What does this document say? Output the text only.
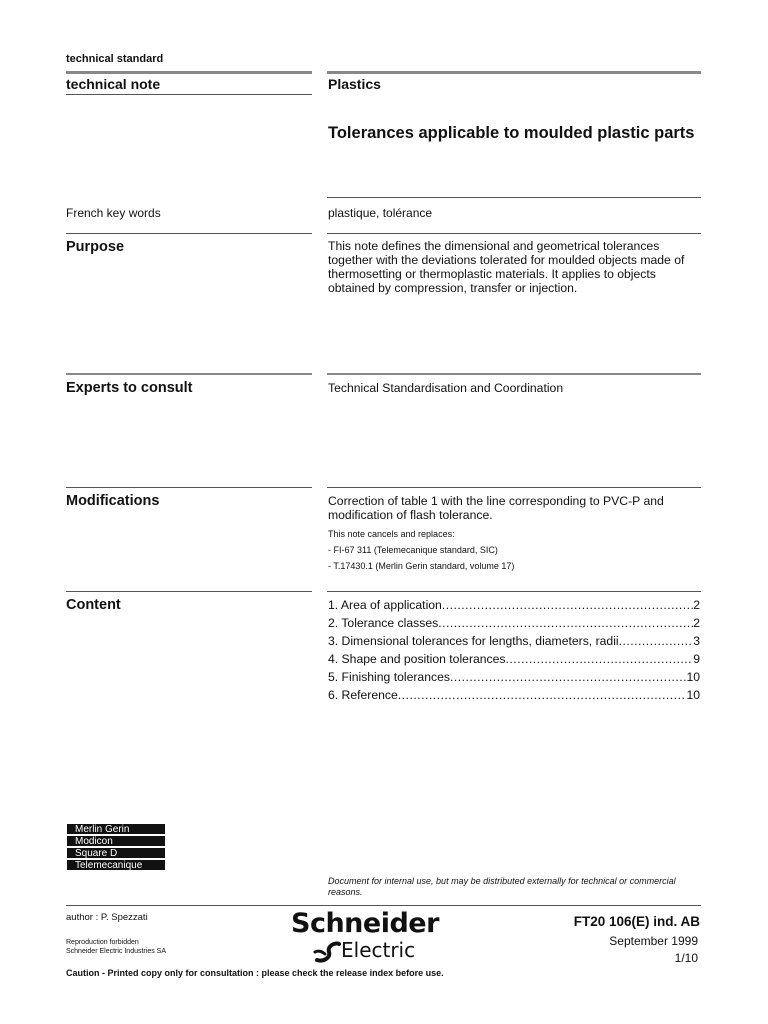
technical standard
technical note	Plastics
Tolerances applicable to moulded plastic parts
French key words	plastique, tolérance
Purpose	This note defines the dimensional and geometrical tolerances together with the deviations tolerated for moulded objects made of thermosetting or thermoplastic materials. It applies to objects obtained by compression, transfer or injection.
Experts to consult	Technical Standardisation and Coordination
Modifications	Correction of table 1 with the line corresponding to PVC-P and modification of flash tolerance.
This note cancels and replaces:
- FI-67 311 (Telemecanique standard, SIC)
- T.17430.1 (Merlin Gerin standard, volume 17)
Content	1. Area of application .....	2
2. Tolerance classes .....	2
3. Dimensional tolerances for lengths, diameters, radii .....	3
4. Shape and position tolerances .....	9
5. Finishing tolerances .....	10
6. Reference .....	10
Merlin Gerin
Modicon
Square D
Telemecanique
Document for internal use, but may be distributed externally for technical or commercial reasons.
author : P. Spezzati
Reproduction forbidden
Schneider Electric Industries SA
Schneider
Electric
FT20 106(E) ind. AB
September 1999
1/10
Caution - Printed copy only for consultation : please check the release index before use.
